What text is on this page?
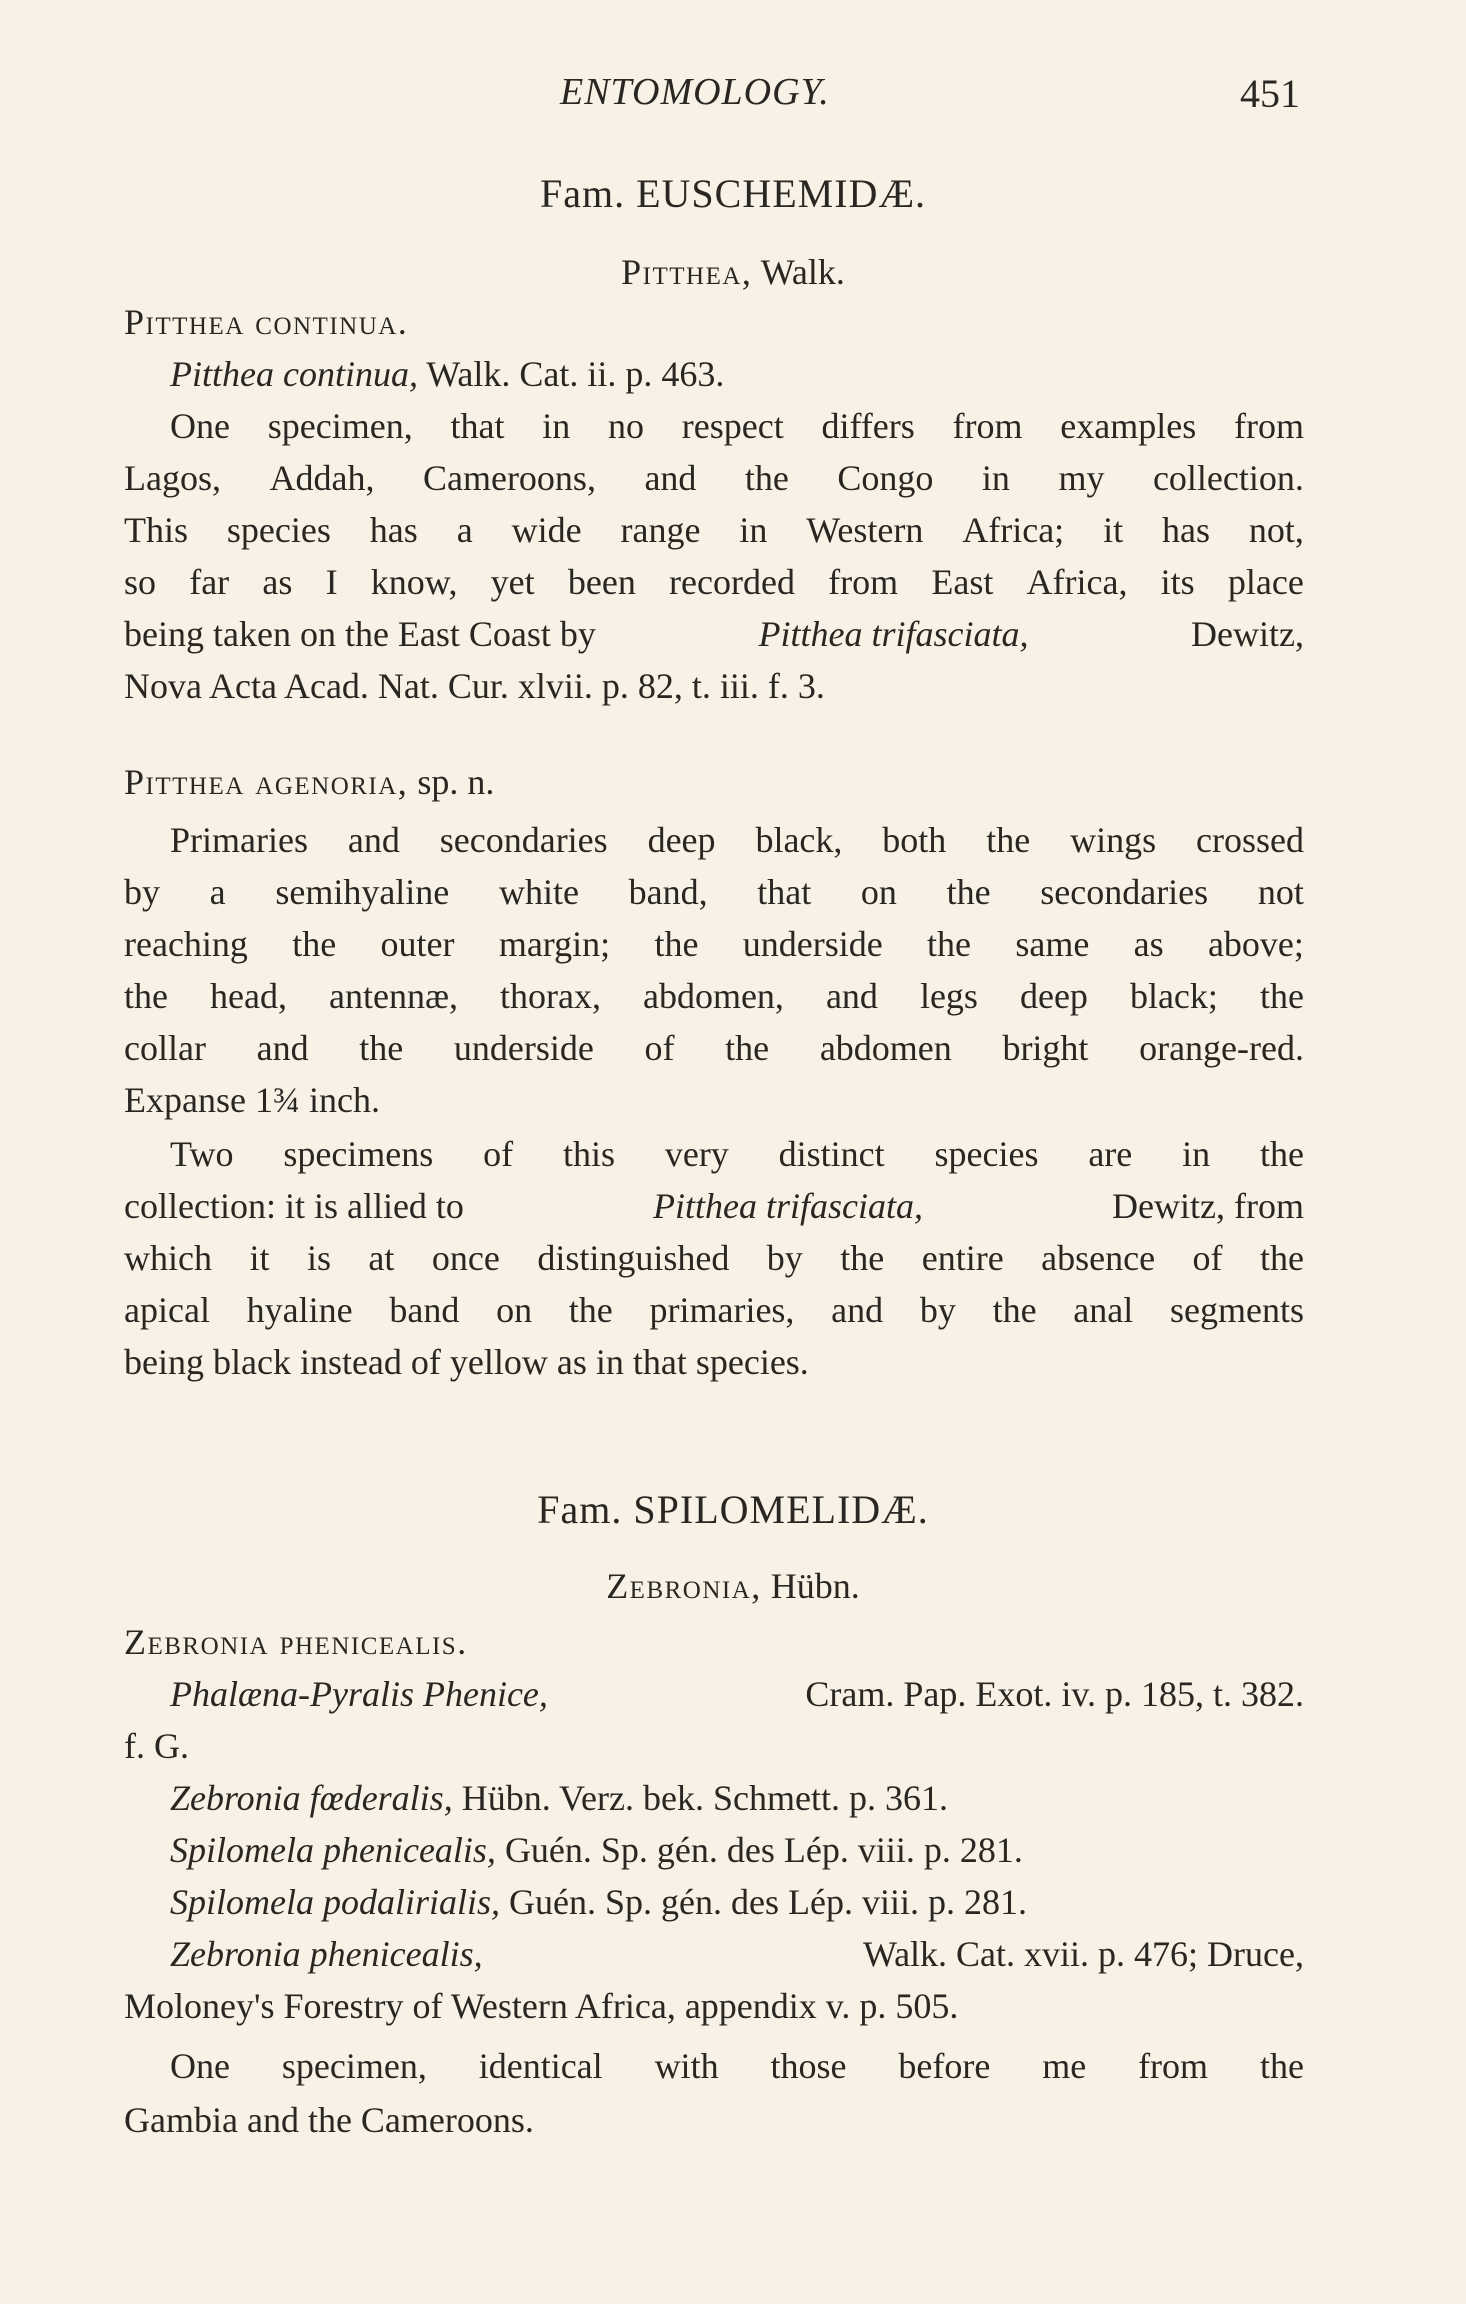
ENTOMOLOGY.	451
Fam. EUSCHEMIDÆ.
Pitthea, Walk.
Pitthea continua.
Pitthea continua, Walk. Cat. ii. p. 463.
One specimen, that in no respect differs from examples from
Lagos, Addah, Cameroons, and the Congo in my collection.
This species has a wide range in Western Africa; it has not,
so far as I know, yet been recorded from East Africa, its place
being taken on the East Coast by	Pitthea trifasciata,	Dewitz,
Nova Acta Acad. Nat. Cur. xlvii. p. 82, t. iii. f. 3.
Pitthea agenoria, sp. n.
Primaries and secondaries deep black, both the wings crossed
by a semihyaline white band, that on the secondaries not
reaching the outer margin; the underside the same as above;
the head, antennæ, thorax, abdomen, and legs deep black; the
collar and the underside of the abdomen bright orange-red.
Expanse 1¾ inch.
Two specimens of this very distinct species are in the
collection: it is allied to	Pitthea trifasciata,	Dewitz, from
which it is at once distinguished by the entire absence of the
apical hyaline band on the primaries, and by the anal segments
being black instead of yellow as in that species.
Fam. SPILOMELIDÆ.
Zebronia, Hübn.
Zebronia phenicealis.
Phalæna-Pyralis Phenice,	Cram. Pap. Exot. iv. p. 185, t. 382.
f. G.
Zebronia fœderalis, Hübn. Verz. bek. Schmett. p. 361.
Spilomela phenicealis, Guén. Sp. gén. des Lép. viii. p. 281.
Spilomela podalirialis, Guén. Sp. gén. des Lép. viii. p. 281.
Zebronia phenicealis,	Walk. Cat. xvii. p. 476; Druce,
Moloney's Forestry of Western Africa, appendix v. p. 505.
One specimen, identical with those before me from the
Gambia and the Cameroons.
